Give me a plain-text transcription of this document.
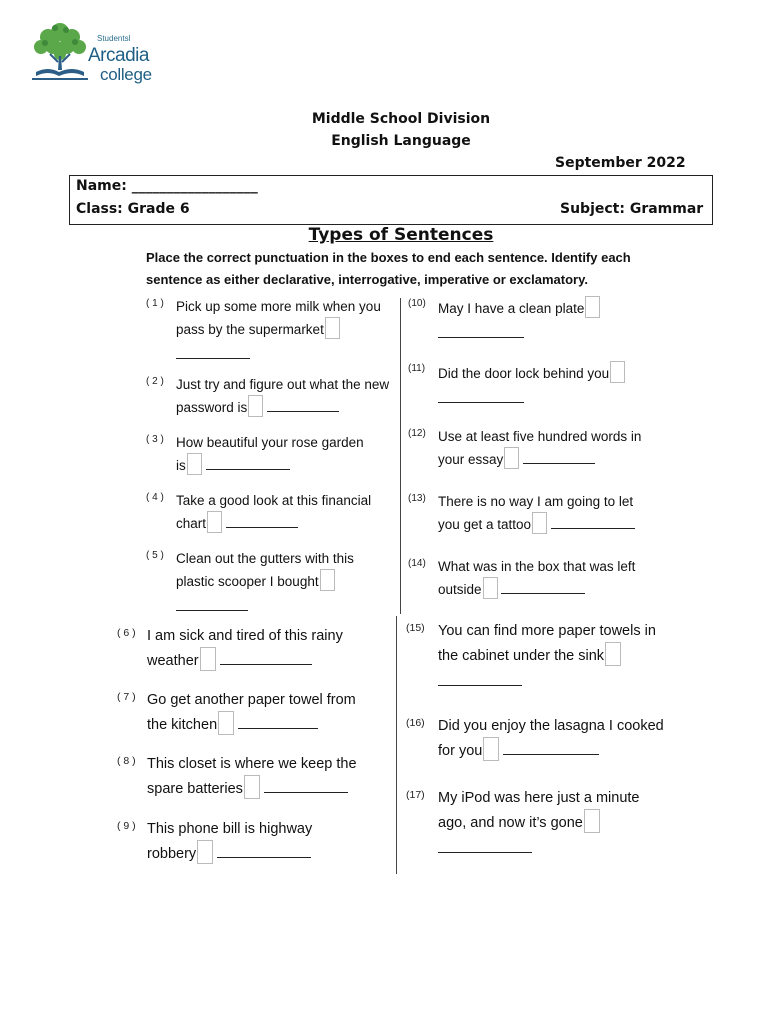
Studentsl
Arcadia
college
Middle School Division
English Language
September 2022
Name: __________________
Class: Grade 6	Subject: Grammar
Types of Sentences
Place the correct punctuation in the boxes to end each sentence. Identify each sentence as either declarative, interrogative, imperative or exclamatory.
( 1 ) Pick up some more milk when you
pass by the supermarket
( 2 ) Just try and figure out what the new
password is
( 3 ) How beautiful your rose garden
is
( 4 ) Take a good look at this financial
chart
( 5 ) Clean out the gutters with this
plastic scooper I bought
(10) May I have a clean plate
(11) Did the door lock behind you
(12) Use at least five hundred words in
your essay
(13) There is no way I am going to let
you get a tattoo
(14) What was in the box that was left
outside
( 6 ) I am sick and tired of this rainy
weather
( 7 ) Go get another paper towel from
the kitchen
( 8 ) This closet is where we keep the
spare batteries
( 9 ) This phone bill is highway
robbery
(15) You can find more paper towels in
the cabinet under the sink
(16) Did you enjoy the lasagna I cooked
for you
(17) My iPod was here just a minute
ago, and now it’s gone
